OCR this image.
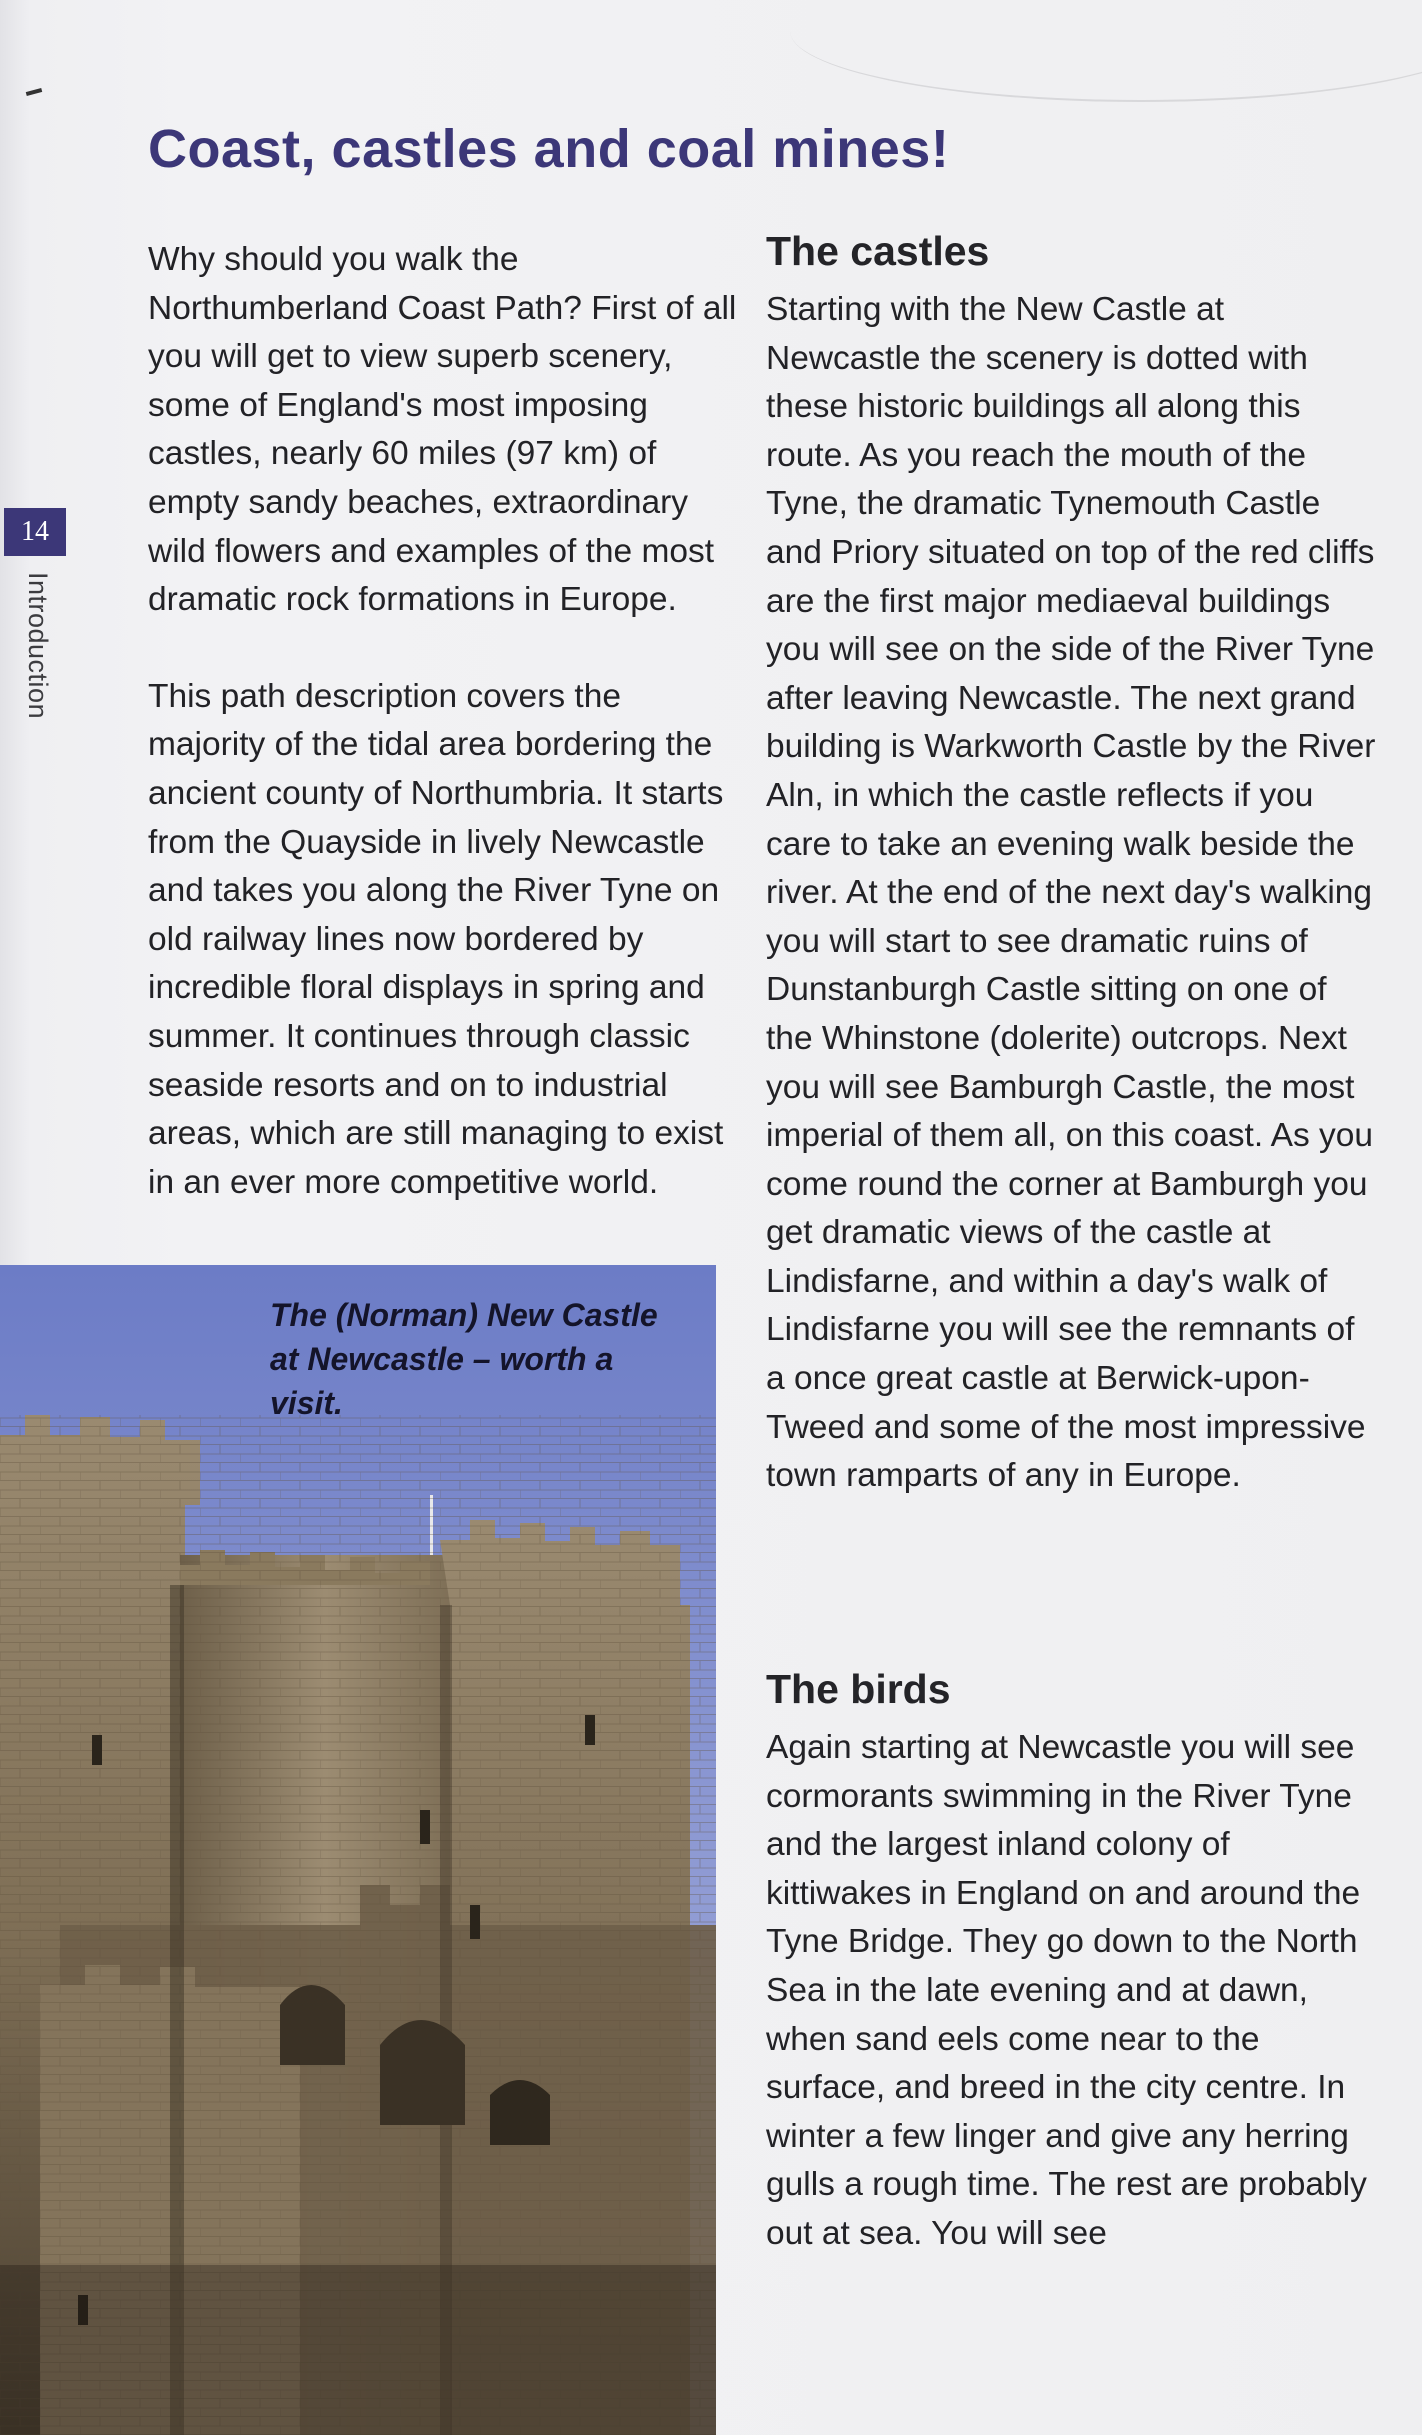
14
Introduction
Coast, castles and coal mines!

Why should you walk the Northumberland Coast Path? First of all you will get to view superb scenery, some of England's most imposing castles, nearly 60 miles (97 km) of empty sandy beaches, extraordinary wild flowers and examples of the most dramatic rock formations in Europe.

This path description covers the majority of the tidal area bordering the ancient county of Northumbria. It starts from the Quayside in lively Newcastle and takes you along the River Tyne on old railway lines now bordered by incredible floral displays in spring and summer. It continues through classic seaside resorts and on to industrial areas, which are still managing to exist in an ever more competitive world.

The castles

Starting with the New Castle at Newcastle the scenery is dotted with these historic buildings all along this route. As you reach the mouth of the Tyne, the dramatic Tynemouth Castle and Priory situated on top of the red cliffs are the first major mediaeval buildings you will see on the side of the River Tyne after leaving Newcastle. The next grand building is Warkworth Castle by the River Aln, in which the castle reflects if you care to take an evening walk beside the river. At the end of the next day's walking you will start to see dramatic ruins of Dunstanburgh Castle sitting on one of the Whinstone (dolerite) outcrops. Next you will see Bamburgh Castle, the most imperial of them all, on this coast. As you come round the corner at Bamburgh you get dramatic views of the castle at Lindisfarne, and within a day's walk of Lindisfarne you will see the remnants of a once great castle at Berwick-upon-Tweed and some of the most impressive town ramparts of any in Europe.

The birds

Again starting at Newcastle you will see cormorants swimming in the River Tyne and the largest inland colony of kittiwakes in England on and around the Tyne Bridge. They go down to the North Sea in the late evening and at dawn, when sand eels come near to the surface, and breed in the city centre. In winter a few linger and give any herring gulls a rough time. The rest are probably out at sea. You will see

The (Norman) New Castle at Newcastle – worth a visit.
